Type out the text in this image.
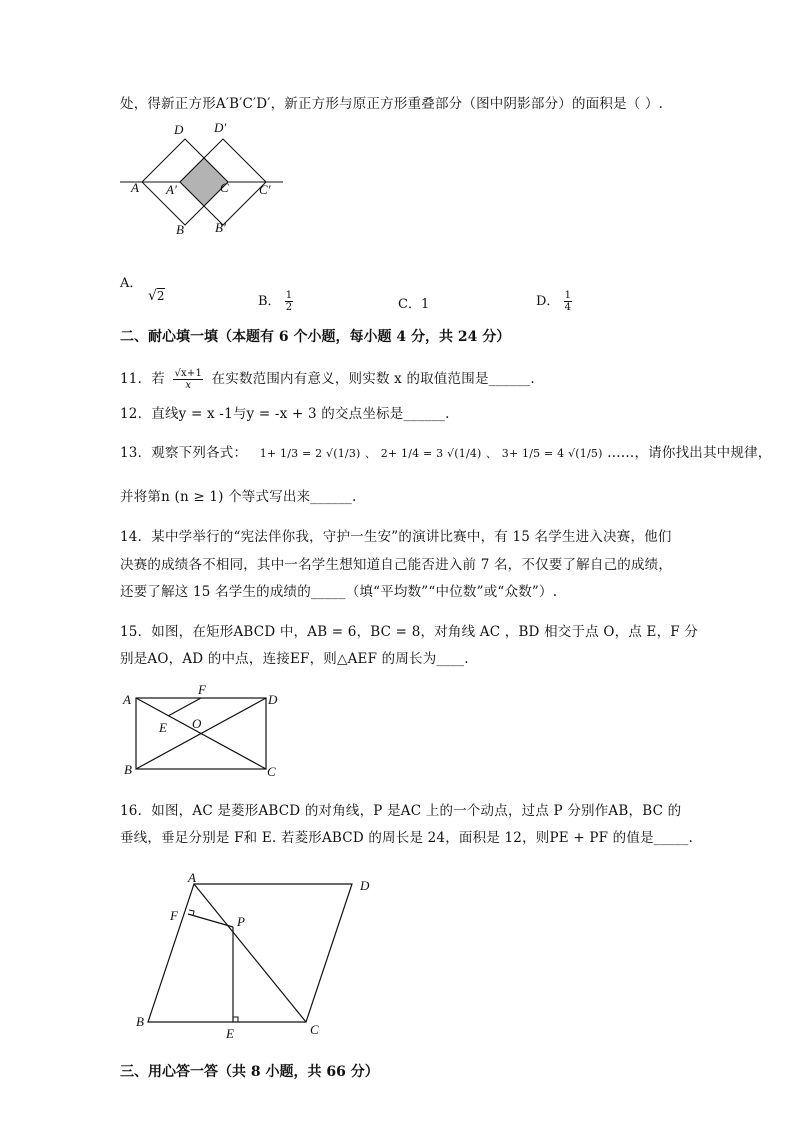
处，得新正方形A′B′C′D′，新正方形与原正方形重叠部分（图中阴影部分）的面积是（ ）.
A A′	C C′
B B′
D D′
A．
√2	B． $\frac{1}{2}$	C．1	D． $\frac{1}{4}$
二、耐心填一填（本题有 6 个小题，每小题 4 分，共 24 分）
11．若 $\frac{√x+1}{x}$ 在实数范围内有意义，则实数 x 的取值范围是______.
12．直线y = x -1与y = -x + 3 的交点坐标是______.
13．观察下列各式： 1+ 1/3 = 2 √(1/3) 、 2+ 1/4 = 3 √(1/4) 、 3+ 1/5 = 4 √(1/5) ……，请你找出其中规律，
并将第n (n ≥ 1) 个等式写出来______.
14．某中学举行的“宪法伴你我，守护一生安”的演讲比赛中，有 15 名学生进入决赛，他们
决赛的成绩各不相同，其中一名学生想知道自己能否进入前 7 名，不仅要了解自己的成绩，
还要了解这 15 名学生的成绩的_____（填“平均数”“中位数”或“众数”）.
15．如图，在矩形ABCD 中，AB = 6，BC = 8，对角线 AC ，BD 相交于点 O，点 E，F 分
别是AO，AD 的中点，连接EF，则△AEF 的周长为____.
A
B	C
D
E
F
O
16．如图，AC 是菱形ABCD 的对角线，P 是AC 上的一个动点，过点 P 分别作AB，BC 的
垂线，垂足分别是 F和 E. 若菱形ABCD 的周长是 24，面积是 12，则PE + PF 的值是_____.
A
B
C
D
E
F	P
三、用心答一答（共 8 小题，共 66 分）
